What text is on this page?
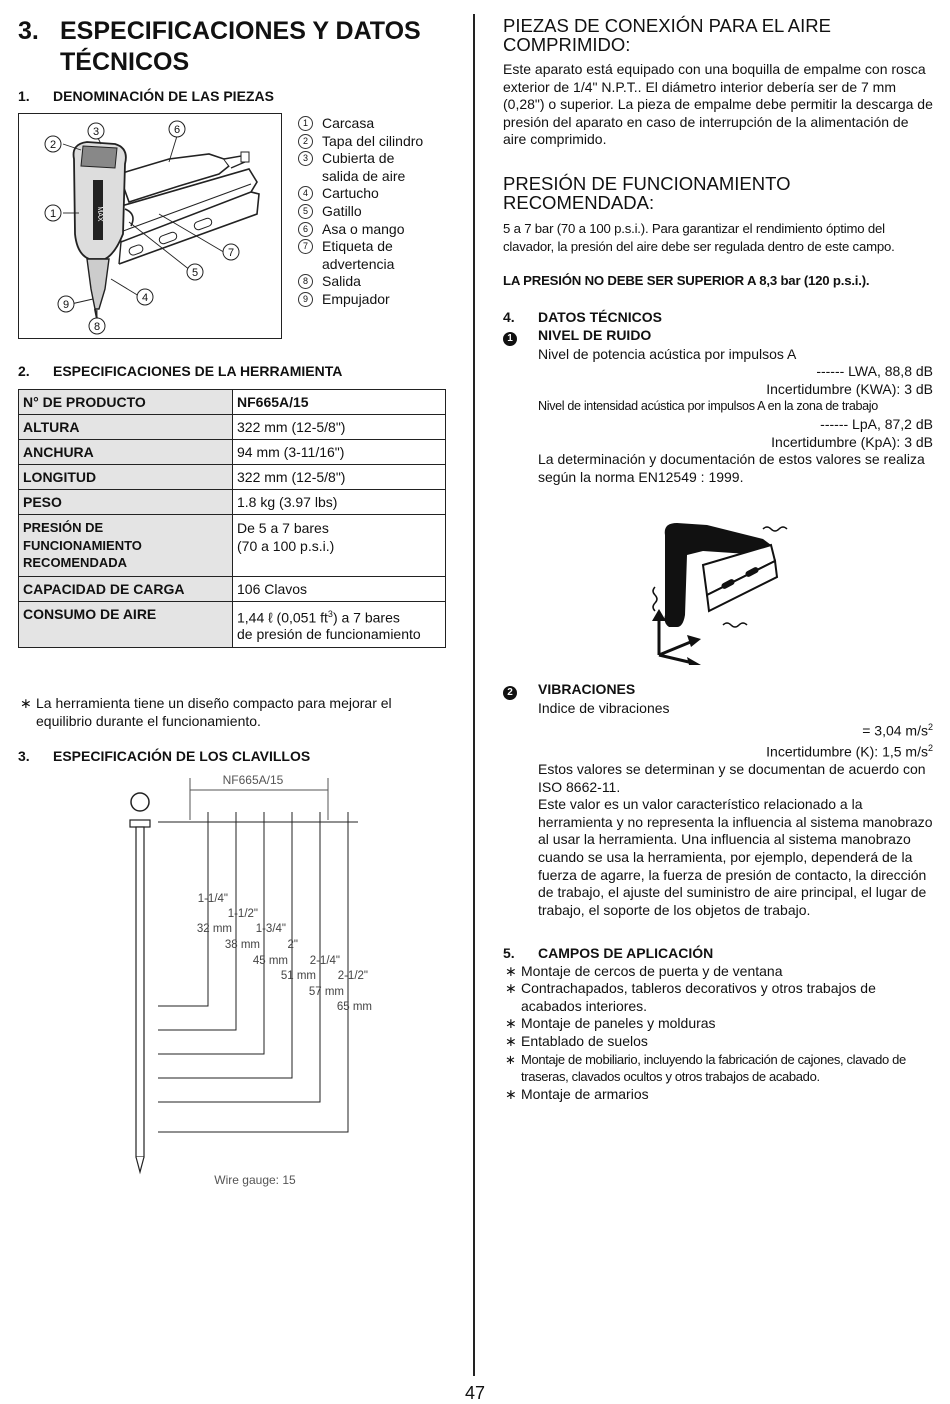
3. ESPECIFICACIONES Y DATOS
TÉCNICOS
1. DENOMINACIÓN DE LAS PIEZAS
MAX
2
3	6
1
5
7
4
9
8
1	Carcasa
2	Tapa del cilindro
3	Cubierta de
salida de aire
4	Cartucho
5	Gatillo
6	Asa o mango
7	Etiqueta de
advertencia
8	Salida
9	Empujador
2. ESPECIFICACIONES DE LA HERRAMIENTA
N° DE PRODUCTO	NF665A/15
ALTURA	322 mm (12-5/8")
ANCHURA	94 mm (3-11/16")
LONGITUD	322 mm (12-5/8")
PESO	1.8 kg (3.97 lbs)
PRESIÓN DE
FUNCIONAMIENTO
RECOMENDADA	De 5 a 7 bares
(70 a 100 p.s.i.)
CAPACIDAD DE CARGA	106 Clavos
CONSUMO DE AIRE	1,44 ℓ (0,051 $ft^3$) a 7 bares
de presión de funcionamiento
∗ La herramienta tiene un diseño compacto para mejorar el equilibrio durante el funcionamiento.
3. ESPECIFICACIÓN DE LOS CLAVILLOS
NF665A/15
1-1/4"
32 mm
1-1/2"
38 mm
1-3/4"
45 mm
2"
51 mm
2-1/4"
57 mm
2-1/2"
65 mm
Wire gauge: 15
PIEZAS DE CONEXIÓN PARA EL AIRE
COMPRIMIDO:

Este aparato está equipado con una boquilla de empalme con rosca exterior de 1/4" N.P.T.. El diámetro interior debería ser de 7 mm (0,28") o superior. La pieza de empalme debe permitir la descarga de presión del aparato en caso de interrupción de la alimentación de aire comprimido.

PRESIÓN DE FUNCIONAMIENTO
RECOMENDADA:

5 a 7 bar (70 a 100 p.s.i.). Para garantizar el rendimiento óptimo del clavador, la presión del aire debe ser regulada dentro de este campo.

LA PRESIÓN NO DEBE SER SUPERIOR A 8,3 bar (120 p.s.i.).

4. DATOS TÉCNICOS
1 NIVEL DE RUIDO
Nivel de potencia acústica por impulsos A
------ LWA, 88,8 dB
Incertidumbre (KWA): 3 dB
Nivel de intensidad acústica por impulsos A en la zona de trabajo
------ LpA, 87,2 dB
Incertidumbre (KpA): 3 dB
La determinación y documentación de estos valores se realiza según la norma EN12549 : 1999.
2 VIBRACIONES
Indice de vibraciones
= 3,04 $m/s^2$
Incertidumbre (K): 1,5 $m/s^2$
Estos valores se determinan y se documentan de acuerdo con ISO 8662-11.
Este valor es un valor característico relacionado a la herramienta y no representa la influencia al sistema manobrazo al usar la herramienta. Una influencia al sistema manobrazo cuando se usa la herramienta, por ejemplo, dependerá de la fuerza de agarre, la fuerza de presión de contacto, la dirección de trabajo, el ajuste del suministro de aire principal, el lugar de trabajo, el soporte de los objetos de trabajo.
5. CAMPOS DE APLICACIÓN
∗ Montaje de cercos de puerta y de ventana
∗ Contrachapados, tableros decorativos y otros trabajos de acabados interiores.
∗ Montaje de paneles y molduras
∗ Entablado de suelos
∗ Montaje de mobiliario, incluyendo la fabricación de cajones, clavado de traseras, clavados ocultos y otros trabajos de acabado.
∗ Montaje de armarios
47
